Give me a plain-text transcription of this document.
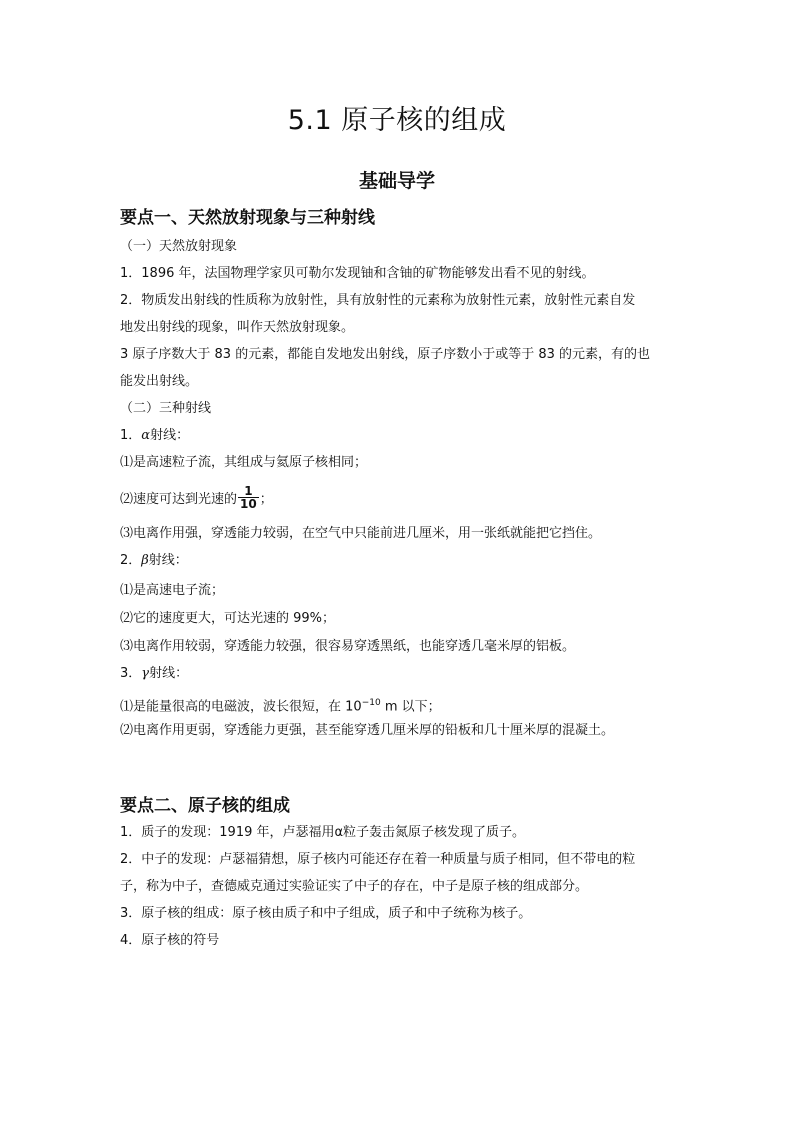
5.1 原子核的组成
基础导学
要点一、天然放射现象与三种射线
（一）天然放射现象
1．1896 年，法国物理学家贝可勒尔发现铀和含铀的矿物能够发出看不见的射线。
2．物质发出射线的性质称为放射性，具有放射性的元素称为放射性元素，放射性元素自发
地发出射线的现象，叫作天然放射现象。
3 原子序数大于 83 的元素，都能自发地发出射线，原子序数小于或等于 83 的元素，有的也
能发出射线。
（二）三种射线
1．α射线：
⑴是高速粒子流，其组成与氦原子核相同；
⑵速度可达到光速的 $\frac{1}{10}$ ；
⑶电离作用强，穿透能力较弱，在空气中只能前进几厘米，用一张纸就能把它挡住。
2．β射线：
⑴是高速电子流；
⑵它的速度更大，可达光速的 99%；
⑶电离作用较弱，穿透能力较强，很容易穿透黑纸，也能穿透几毫米厚的铝板。
3．γ射线：
⑴是能量很高的电磁波，波长很短，在 $10^{-10}$ m 以下；
⑵电离作用更弱，穿透能力更强，甚至能穿透几厘米厚的铅板和几十厘米厚的混凝土。
要点二、原子核的组成
1．质子的发现：1919 年，卢瑟福用α粒子轰击氮原子核发现了质子。
2．中子的发现：卢瑟福猜想，原子核内可能还存在着一种质量与质子相同，但不带电的粒
子，称为中子，查德威克通过实验证实了中子的存在，中子是原子核的组成部分。
3．原子核的组成：原子核由质子和中子组成，质子和中子统称为核子。
4．原子核的符号
